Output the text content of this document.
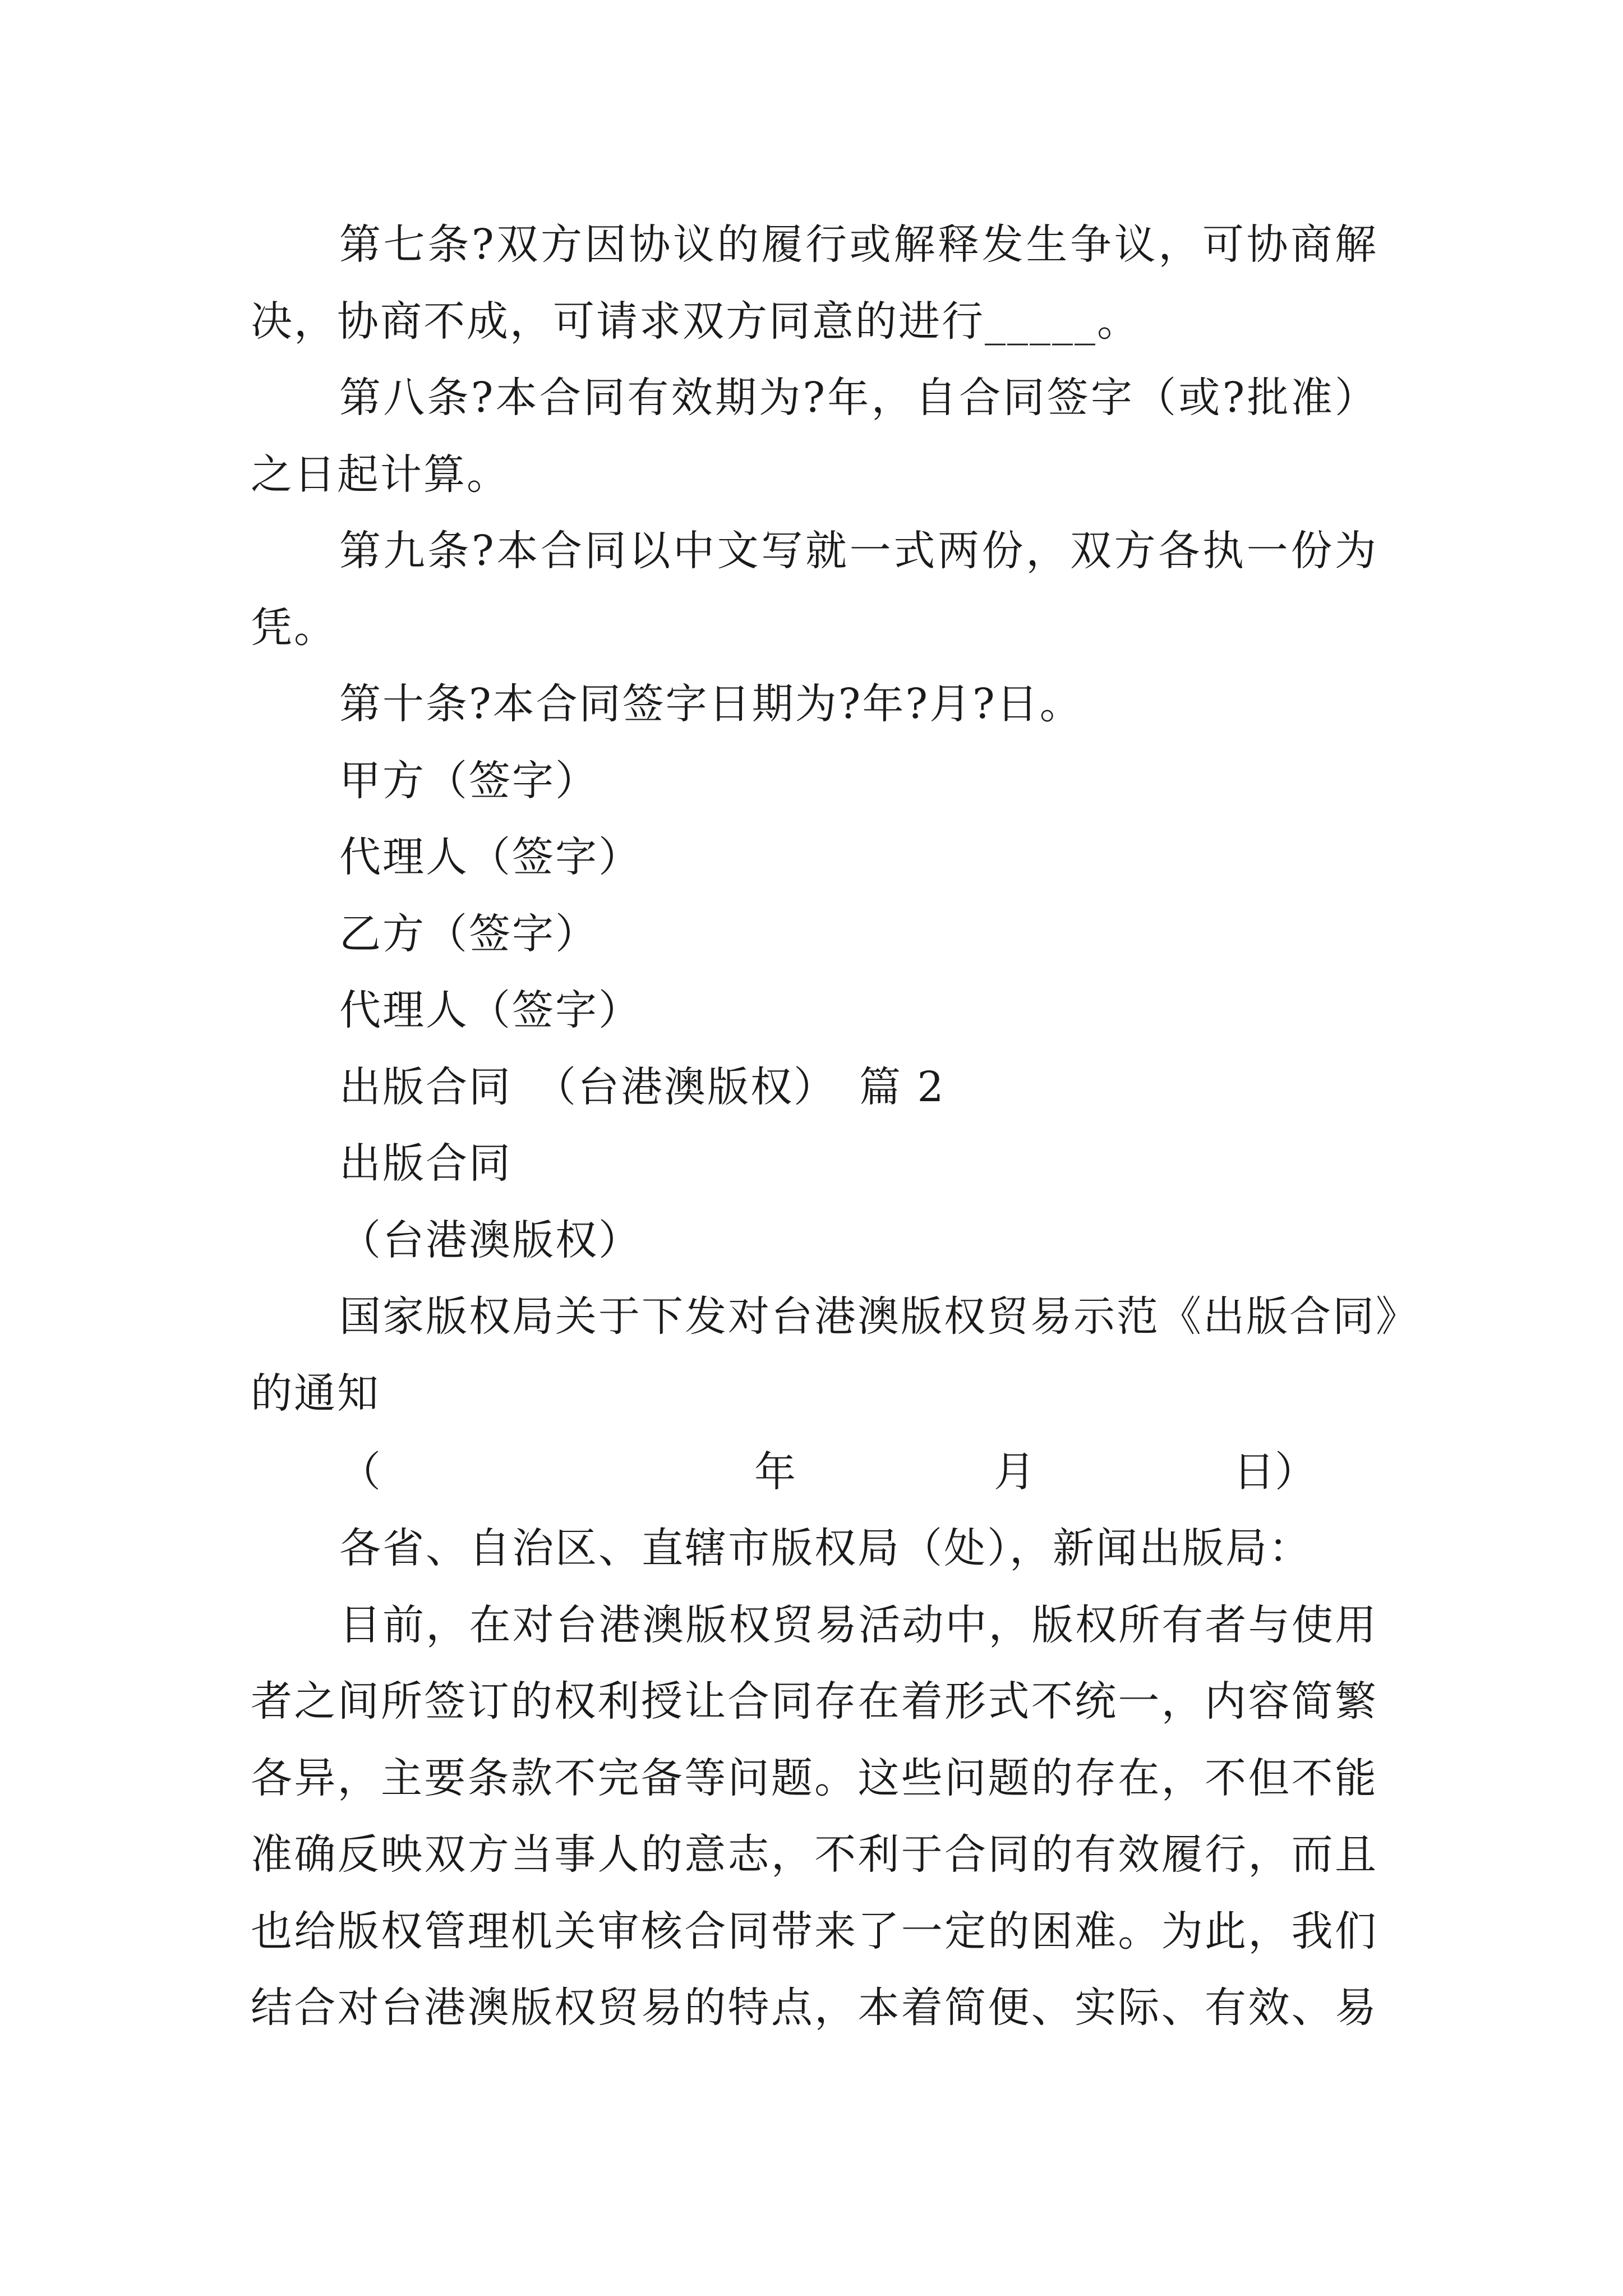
第七条?双方因协议的履行或解释发生争议，可协商解
决，协商不成，可请求双方同意的进行_____。
第八条?本合同有效期为?年，自合同签字（或?批准）
之日起计算。
第九条?本合同以中文写就一式两份，双方各执一份为
凭。
第十条?本合同签字日期为?年?月?日。
甲方（签字）
代理人（签字）
乙方（签字）
代理人（签字）
出版合同　（台港澳版权）　篇 2
出版合同
（台港澳版权）
国家版权局关于下发对台港澳版权贸易示范《出版合同》
的通知

（

	年

	月

	日）

各省、自治区、直辖市版权局（处），新闻出版局：
目前，在对台港澳版权贸易活动中，版权所有者与使用
者之间所签订的权利授让合同存在着形式不统一，内容简繁
各异，主要条款不完备等问题。这些问题的存在，不但不能
准确反映双方当事人的意志，不利于合同的有效履行，而且
也给版权管理机关审核合同带来了一定的困难。为此，我们
结合对台港澳版权贸易的特点，本着简便、实际、有效、易
